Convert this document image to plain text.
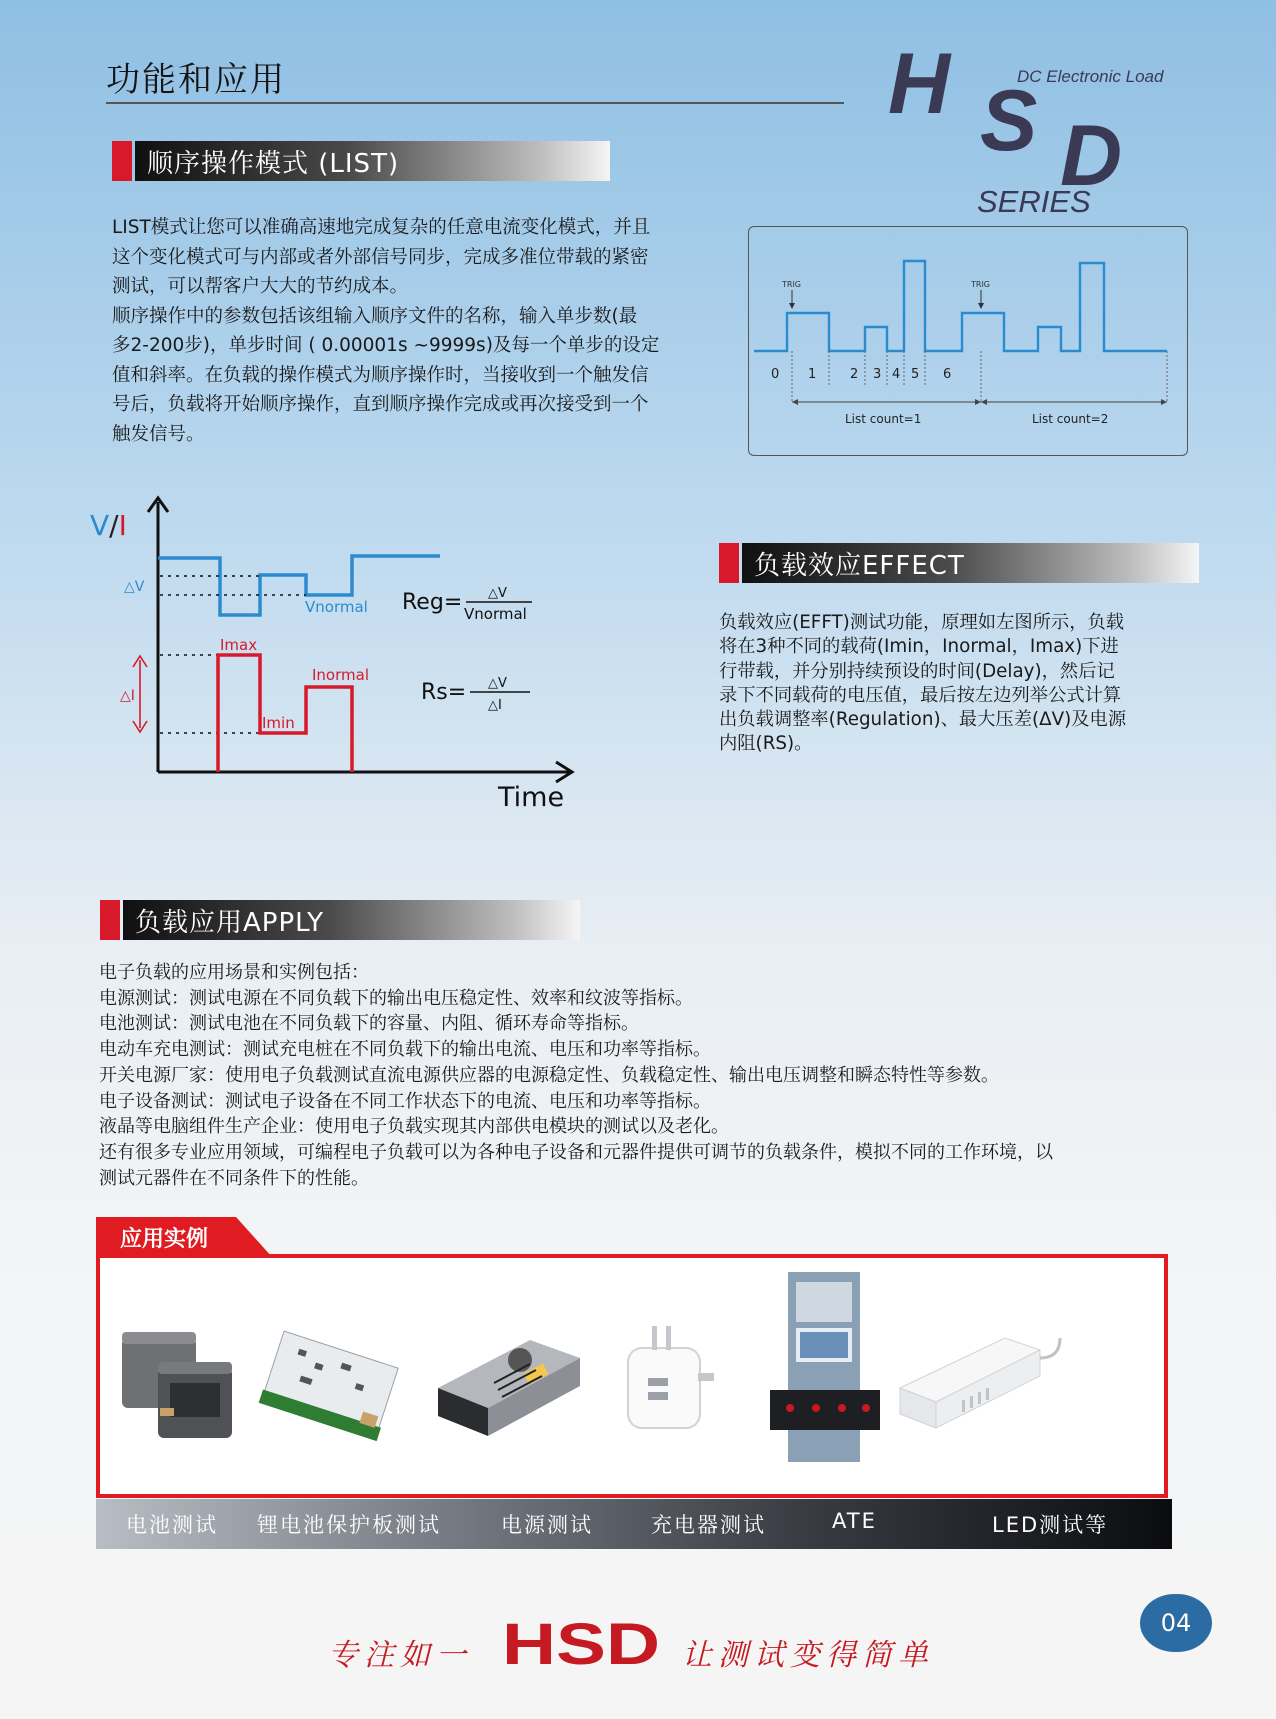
功能和应用	H S D
DC Electronic Load
SERIES
顺序操作模式 (LIST)
LIST模式让您可以准确高速地完成复杂的任意电流变化模式，并且
这个变化模式可与内部或者外部信号同步，完成多准位带载的紧密
测试，可以帮客户大大的节约成本。
顺序操作中的参数包括该组输入顺序文件的名称，输入单步数(最
多2-200步)，单步时间 ( 0.00001s ~9999s)及每一个单步的设定
值和斜率。在负载的操作模式为顺序操作时，当接收到一个触发信
号后，负载将开始顺序操作，直到顺序操作完成或再次接受到一个
触发信号。
TRIG	TRIG
0 1	2 3 4 5 6
List count=1	List count=2
V/I
Time
△V
Vnormal
Imax
Inormal
Imin
△I
Reg= △V
Vnormal
Rs= △V
△I
负载效应EFFECT
负载效应(EFFT)测试功能，原理如左图所示，负载
将在3种不同的载荷(Imin，Inormal，Imax)下进
行带载，并分别持续预设的时间(Delay)，然后记
录下不同载荷的电压值，最后按左边列举公式计算
出负载调整率(Regulation)、最大压差(ΔV)及电源
内阻(RS)。
负载应用APPLY
电子负载的应用场景和实例包括：
电源测试：测试电源在不同负载下的输出电压稳定性、效率和纹波等指标。
电池测试：测试电池在不同负载下的容量、内阻、循环寿命等指标。
电动车充电测试：测试充电桩在不同负载下的输出电流、电压和功率等指标。
开关电源厂家：使用电子负载测试直流电源供应器的电源稳定性、负载稳定性、输出电压调整和瞬态特性等参数。
电子设备测试：测试电子设备在不同工作状态下的电流、电压和功率等指标。
液晶等电脑组件生产企业：使用电子负载实现其内部供电模块的测试以及老化。
还有很多专业应用领域，可编程电子负载可以为各种电子设备和元器件提供可调节的负载条件，模拟不同的工作环境，以
测试元器件在不同条件下的性能。
应用实例
电池测试 锂电池保护板测试	电源测试	充电器测试	ATE	LED测试等
04
专注如一 HSD 让测试变得简单
